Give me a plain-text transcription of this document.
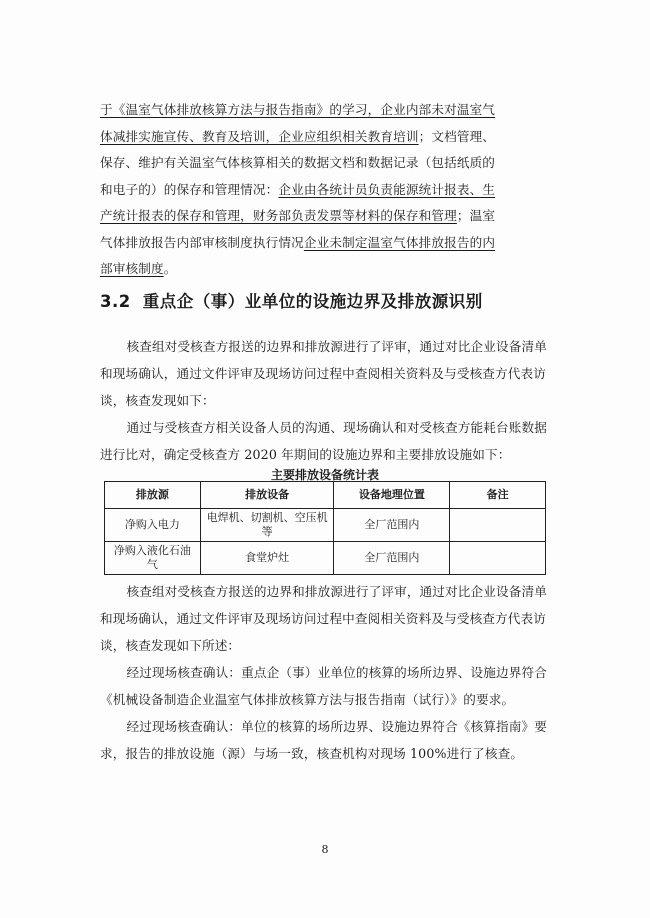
于《温室气体排放核算方法与报告指南》的学习，企业内部未对温室气

体减排实施宣传、教育及培训，企业应组织相关教育培训；文档管理、

保存、维护有关温室气体核算相关的数据文档和数据记录（包括纸质的

和电子的）的保存和管理情况：企业由各统计员负责能源统计报表、生

产统计报表的保存和管理，财务部负责发票等材料的保存和管理；温室

气体排放报告内部审核制度执行情况企业未制定温室气体排放报告的内

部审核制度。

3.2 重点企（事）业单位的设施边界及排放源识别

核查组对受核查方报送的边界和排放源进行了评审，通过对比企业设备清单和现场确认，通过文件评审及现场访问过程中查阅相关资料及与受核查方代表访谈，核查发现如下：

通过与受核查方相关设备人员的沟通、现场确认和对受核查方能耗台账数据进行比对，确定受核查方 2020 年期间的设施边界和主要排放设施如下：

主要排放设备统计表
排放源	排放设备	设备地理位置	备注
净购入电力	电焊机、切割机、空压机等	全厂范围内	
净购入液化石油气	食堂炉灶	全厂范围内	

核查组对受核查方报送的边界和排放源进行了评审，通过对比企业设备清单和现场确认，通过文件评审及现场访问过程中查阅相关资料及与受核查方代表访谈，核查发现如下所述：

经过现场核查确认：重点企（事）业单位的核算的场所边界、设施边界符合《机械设备制造企业温室气体排放核算方法与报告指南（试行）》的要求。

经过现场核查确认：单位的核算的场所边界、设施边界符合《核算指南》要求，报告的排放设施（源）与场一致，核查机构对现场 100%进行了核查。

8
